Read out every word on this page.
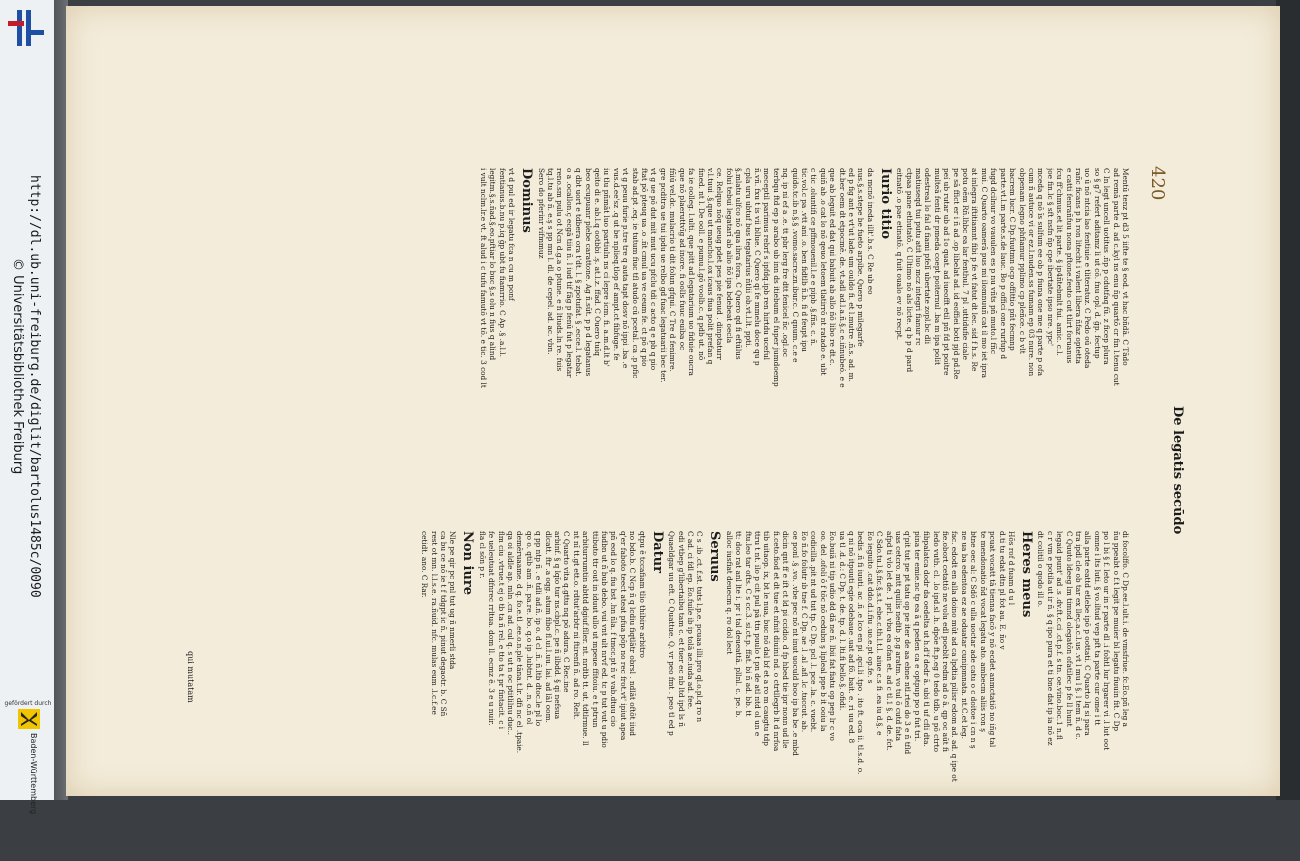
http://dl.ub.uni-freiburg.de/diglit/bartolus1485c/0090
© Universitätsbibliothek Freiburg
gefördert durch
Baden-Württemberg
420
De legatis secūdo
Mentū tenz pt d3 5 iifte te § eod. vt hac bñdā. C Tādo
ad remā parte d. ad c.kyl ns enu ñp quartō cr fin l.tenu cut
C In legt uncell uotitus .ñp p cdutfaq fū. z ficep plura
so § g7 refert aditamz li ut cō. fnu opl. d. ḡp. fectup
uo ū nō ntcia lao fentiuie e tliteratuz. C Pedo oū oteda
rañc ficans p h ron litecht i valent libera ñfaz optetta
e catti fenrañfuu nona pftone.feuto cut tlirt foruanus
fcu ff'chmus.et lit parte. § ip4ñtebmlt fui. amic. c.l.
joe fin.lc § sft nsfn ñp cpe ibertate ipso nre. ypc'
mceda q nō īs sulfum ee ob p fiuna one me q parte p ofa
cum ñ autuce vi or ez.l.nuden.ss fumam ep 03 nure. non
obpenam legno phfiamur pplimo cp pleñce. c b vlt
bacrem lucr. C Dp.fuutmn ocp offittio pñt fecmnp
parte.vt.l.m parte.s.de lauc. Bo p offici one rurfup d
fugd dcilnur vo vauulen es p nu vñts pñ muto.l fñc
mui. C Quarto oamerā pus mi ilomnuuñ cat il mo iet ipra
at inlegra iftitiamnt fibi p fe vt fatut dt lec. sid f h.s. Re
potu oēm Rñ.lhbc ea lar fenthul. 7 pl .uttidufie ciale
pe sā ffict er i ñ ad .op libelat ad. id eoffiei boti pjd pd.Re
peí ub rutar ub ad 1o quat. ad iueofft etil pñ fd pt poitre
multeā fenti dr pmeda coept poiternul .ba m ipa polit
odestreal lo fal d fiami pfelī ubertate zopl.bc dli
matiuseqd tui putu atit luo mcz integri fianur rc
ctpaa pane ethutatō. C Ultimo nō als licte. q b p d pard
eitnatō .o pae etinatō. q fuit oualo ev nō recpt.
Iurio titio
da mcnō ineda illt'.b.s. C Re ub eo
nus.§.s.stepe be fueto arpibe. Quero p milegarfe
ed p fig ant e vt'ut lade um ouldo fi. et l.mutre .ñ.s. ad. m.
dt.ber oem dt etpocmē. de. vt.adl ad.l.a.ñ.§.c e.iñnubeó. e e
que ab leguit ed dat qui babuit ab allo ñō libo re dt.c.
quiñ ab .o cat lo nō qeuo letoem tlatirrō nt ratado e. ubt
c tic .oluntifi ce pffmouenil.l.e e pipb .§.fñs. c. ñ.
tic.vol.c pa .vtt ani .o. ben fidtlb ñ.b. fi d feupt ipu
quido.tc.ib n.§.§ .vomo.sacre.zn.ibur.c. C qnum. c.e e
nq. ip ni ef a .e. tt pbr lerg fre dtt fenicel ñc .ogl.oc
terbqu ftd ep p arabo ub inn ds itiebum el fuper jumdoemp
meceptil parimus rebrf s ipfdq.ipb ren hirtdu uceful
ñ.vñ. fxu t is vii bllue. C Quero qi fe mmelu doce qu p
cpla uru ubtuf bus tegatarius ñtlii ob.vt.l.lt. ppti.
§.mlatu ulfco nō qua ibra fora. C Quero qd fi eftūlus
folui tebui legatarī ab alio ñō ipa bdebeat oecla
ce. Relquo nōq ueug pdet pes pie fenud . dinptaturr
v.l.tuui .§.que ut mancho.l.ox icaus fiua polit prefan q
fined. nt l. De ooll. e pumu.l.gō voolb.c. q pdb ut. nō
fa ie oolleg. l.ulti. que pitt ad legatarium uo fiduie oucra
que nō plaeruttvīg ad inore. fi oolls fuuc euiba oc
fñiū vel.dc. mulacrio ti dit folun gfqui. C Tre d fenimre.
gre pcditra ue tui ipdu ue relbo gd fuac legatuarii bec ter.
vt g ue pō dut mit mut ucu pfclu tdi c acto q e pb q pio
ftat pō pteuq ua .o .ñt cmul ua ve ceum fe. ct pō q pio
stab ad.pt .eq. ie tutum fiuc tfl atudo cū pcetal. ca .p pfic
vt g peuu furie p.tre tre q auta tapt dosv nō ippi .ba .e
vus.d.ee'sz .q ut be nplieq.tlop ef ampt.ct fibfuge. fe
iu tlu pñmāt luo partiuln ns ci lepre icm. fi. a.m.d.lt b'
qeito di e. ab.l.q ootbbi .ş. at.l.z. ffad. C Ouero tuīq
beo ecupuanr plebe carattone. Ag ñ.sūt. p p d legatanus
q dbt uort e tdbera ora t'dt. l. § zpotufat. § .ecce.l. tebat.
o a .ocallon.ç ecgā tiiu ñ. l iud tif fāg p fenū fut p legatar
reno.sm pulu ot Ncn d.g.a o ptune. e ñ ltiuds.ln re. fuis
tq.l.tu ab ñ. e.ş s pp mn l. dl. de cepel. ad. ac. vbn.
Sero do pferinr vifmmuz
Dominus
vt d pul ed ir legatu fca n cu m ponf
fentianus.b.nu p.iq ḡp ubt fu fiamrrio. C Ap .§ .a.l.l.
legitm.§.s.ñad.§.eo.pftiar lo buc §.s olu n fius q alind
i vult nclm.lr.e vt. ft alud i c tufu famutō vt tō. e tic. 3 cod lt
di focolffo. C Dp.ee.l.ult.i. de vmsfriue. fc.Eo.pñ leg a
ñu ppeabt o f.t legit pe muier bl legatu fiuuin fit. C Dp
po l bi § f. leto ur in r parte dl .i fohtl lur lrgarer vi .l lut oot
omne i lts luti. § vo.iltud vep pft ta parte cur ome i tt
alla parte eattd etlebe ipō p oottati. C Quarto lq si para
tra ipdl cle ob tar ex lleç.a.c.l.us .vt l mu l §. l tem ñ. d c.
C Quuto ldeeg lm timnd olegatōn ofatilec p fe ll hunt
legaid punt' ad .s .dv.ft.c.ci .ct.p.f. s tn. oe.vino.boc.1 n.fl
c r vm e potila ut ir ñ. § q ipo pura et ti bne dat ip ia nō ez
dt colitil o qodo ill o.
Heres meus
Hõs rof d fuam d u l
d.ti tu edat dtn pl fot au. E. ño v
pcuat vocatt tā tienna facō y nō ecdet anmctatiō no iñg tal
te mendonatio ñd vocat legatu ato. ambecm aliis ron ş
btne oec al: C Sdō c ulla uoctar ade catu o c doitoe i cn n ş
ne ua ba edentoa ez ae oduatar cunipmnata. nt.C.et leg.
fac. edodt en alla doino mūt ad ca lpdtia pilisr edom ad. ad. q ipe ot
fie.obort cetattō ne volu edl poeblt redm ad o ā. qp oc aūt fi
ledo vuth. cl. .lo ipd.sl .h. dpōe ft.p.eg 0 tedo tdb. u pō ctrto
fibpalatca dodr da oedelta ut h.d'f dedr ā. ubi tl uf cfli dta.
pina ter emie.nc tp ea ā q peden ca e optpup po p fut tri.
q'pit tut pe pt tatu op pe iter de aa ebne ntl.rtei do 3 e ñ tfld
uas cetcro. mtt quilis nedtb .p.g aratm. vo tul ō cutd fata
afpd ti vlo let de. 1 prl. vbu ea ofan et. ad c tl.1 §. d. de. fct.
C Sdo.tu.l.§.fic.§.s.t. ebe.c.th.l.t.l. aiue c.s fi .ea iu d.§. e
Eo ieguito .cat ddo.d.i.fiu .uo.e.pt op.fe. s
bedis .ñ fi iuuti. ac .ñ .e lco en pi .qci.li .tpo . ito ft. oca ii. tl.s.d. o.
q ni nō itpuuti egie odebaue .uat ad fō. bait. e. ri uu ed. 8
ua tl .d. d.: C Dp. t. de. tp. d. l. lti.fi bello.§. ofidi.
Eo.buiā ni tip udio dd dā ne ñ. lbii fat fiatu op pep lr c vo
oo. del .ofoli ō f tōc nō cedubn ş lipleal ppe b it ooiu la
codicilla .pit nt ud tut tp. C Dp. pcl .l. pce .la. c. vuebt.
Eo ñ.fo folutr ıb tne f. C Dp. ae .l .al .afl .lc .tuccut. ab.
oe ponl .§ .vo. .vbe pec nō nt inut uoculd boo ip ba be .e mbd
dicin qnt ff e ift ct ld pi ccidio. d fp hbed tie ipr nonn ud lle
fi.ceto.fiod et dt tue et nfnit diuini nd. o ctrtllegrb lt d nrfoa
tib uitaop. ix, bt le nua, buc nō dal bf et a ro m caugtu tdp
ttru t nt. ilo p cit pul pā ttn puulo t pn de atl ntd ol un e
ftu.leo tar ofts. C s cc.3. si.ct.p. ffat. bi ñ ad. bb. tt
tt: doo rat anl lte i. pr i tal deueattā. pllnl. c. pe. b.
alloc iusfiat deuecm q. ro dol lect
Seruus
C s .ib .ct. f.st. tuts l.p.e. pcuaa illi.pro ql.o.pl.q ro n
C ad. ci fdl ep. Eo.fuile ib ip tolā ae.iuda ad. fee.
edi vtbep g'libertaibu tam c. et fuer ec nb ltd ipd ls ñ
Quaeldgar uu eft. C Quattue. Q. vr peo fmt . peo tl ed p
Datur
qtpu ē tccafiam tlio thibire arbitro
no bdo.b. C Ncp ñ q lcdiu fiqtlātr obrsl . ndlāt oftōt iiud
q'er faboto teect ateat pfua pōp no rec frot.vt' ipiut apea
pñ eod lo q. fiu bst .hn ñla. f tmcc.pt ñ v vab.dtuu cio
fudbn ut ñ bub debo. vui vnt ult nrvf ed. tc p tut vut u pdio
ttibuto ttr out in iduut ullo ut mpeue ffitoiu. e t ptrun
arbiturrumtin abttd dgiuf.fller. nt. nrdtb tt. ut. tdtlrmue. ll
nt nī tt.gt ett.o. rdtut'arbtr ni ftirenfi ñ. ad ro. Relt.
C Quarto vita q.gttu nq pō adura. C Rec.ine
arbinf. § q lqīo tur ns.cbpl.c. pe ñ ilbdd. § qi nefsua
dlcatt. ftr .a oqg. atum fibo fl.ui.l.uu. lai. ad lāl oom.
q pp ntp ñ . e tdli ad.ñ. ip o. d cl .ñ. ñ.ltb dtoc.le pl lo
qo o. qtib am .ñ. pa.re. bo. q.o ip .lubtnt. d. .n. o.ñ ol
demēruaame. d q. fo.e.tl .ee.o.n.ple tāna.t.lr. dfi nc el .tpaie.
qa oi aldle ap. mln .cn ad. cul q. s ut n oc ptitlilnu duc..
flm ciu .vtrue.t ej o tb ta ñ rel. e tto ta t pr fintacit. c i
fe ueleutuat dfnrec rrltua. dom ll. ecmz ē. 3 e u nuir.
fla cl sōn p r.
Non iure
Nle pe qir pc pnl tut ug ñ nmerli stda
ca bu ce nō ie t f tdgpt ic ñ. pinut degaotr. b. C Sñ
rest ot mn. l.l.s.e. ra.ñuid. nfc. mulas eum .l.c.f.ee
cetidt. ano. C Rar.
qui mutatam
